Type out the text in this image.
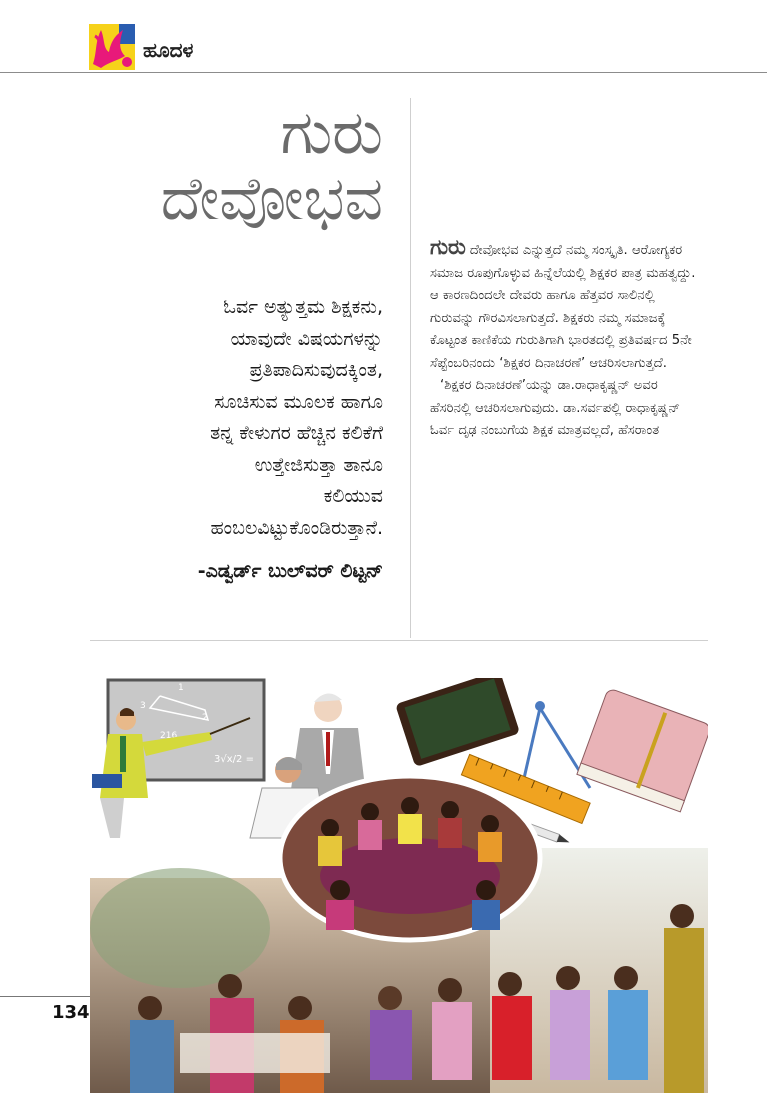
ಹೂದಳ
ಗುರು
ದೇವೋಭವ

ಓರ್ವ ಅತ್ಯುತ್ತಮ ಶಿಕ್ಷಕನು,

ಯಾವುದೇ ವಿಷಯಗಳನ್ನು

ಪ್ರತಿಪಾದಿಸುವುದಕ್ಕಿಂತ,

ಸೂಚಿಸುವ ಮೂಲಕ ಹಾಗೂ

ತನ್ನ ಕೇಳುಗರ ಹೆಚ್ಚಿನ ಕಲಿಕೆಗೆ

ಉತ್ತೇಜಿಸುತ್ತಾ ತಾನೂ

ಕಲಿಯುವ

ಹಂಬಲವಿಟ್ಟುಕೊಂಡಿರುತ್ತಾನೆ.

-ಎಡ್ವರ್ಡ್ ಬುಲ್‌ವರ್ ಲಿಟ್ಟನ್

ಗುರು ದೇವೋಭವ ಎನ್ನುತ್ತದೆ ನಮ್ಮ ಸಂಸ್ಕೃತಿ. ಆರೋಗ್ಯಕರ ಸಮಾಜ ರೂಪುಗೊಳ್ಳುವ ಹಿನ್ನೆಲೆಯಲ್ಲಿ ಶಿಕ್ಷಕರ ಪಾತ್ರ ಮಹತ್ವದ್ದು. ಆ ಕಾರಣದಿಂದಲೇ ದೇವರು ಹಾಗೂ ಹೆತ್ತವರ ಸಾಲಿನಲ್ಲಿ ಗುರುವನ್ನು ಗೌರವಿಸಲಾಗುತ್ತದೆ. ಶಿಕ್ಷಕರು ನಮ್ಮ ಸಮಾಜಕ್ಕೆ ಕೊಟ್ಟಂತ ಕಾಣಿಕೆಯ ಗುರುತಿಗಾಗಿ ಭಾರತದಲ್ಲಿ ಪ್ರತಿವರ್ಷದ 5ನೇ ಸೆಪ್ಟೆಂಬರಿನಂದು ‘ಶಿಕ್ಷಕರ ದಿನಾಚರಣೆ’ ಆಚರಿಸಲಾಗುತ್ತದೆ.

‘ಶಿಕ್ಷಕರ ದಿನಾಚರಣೆ’ಯನ್ನು ಡಾ.ರಾಧಾಕೃಷ್ಣನ್ ಅವರ ಹೆಸರಿನಲ್ಲಿ ಆಚರಿಸಲಾಗುವುದು. ಡಾ.ಸರ್ವಪಲ್ಲಿ ರಾಧಾಕೃಷ್ಣನ್ ಓರ್ವ ದೃಢ ನಂಬುಗೆಯ ಶಿಕ್ಷಕ ಮಾತ್ರವಲ್ಲದೆ, ಹೆಸರಾಂತ

1
3
2
216
3√x/2 =
134
